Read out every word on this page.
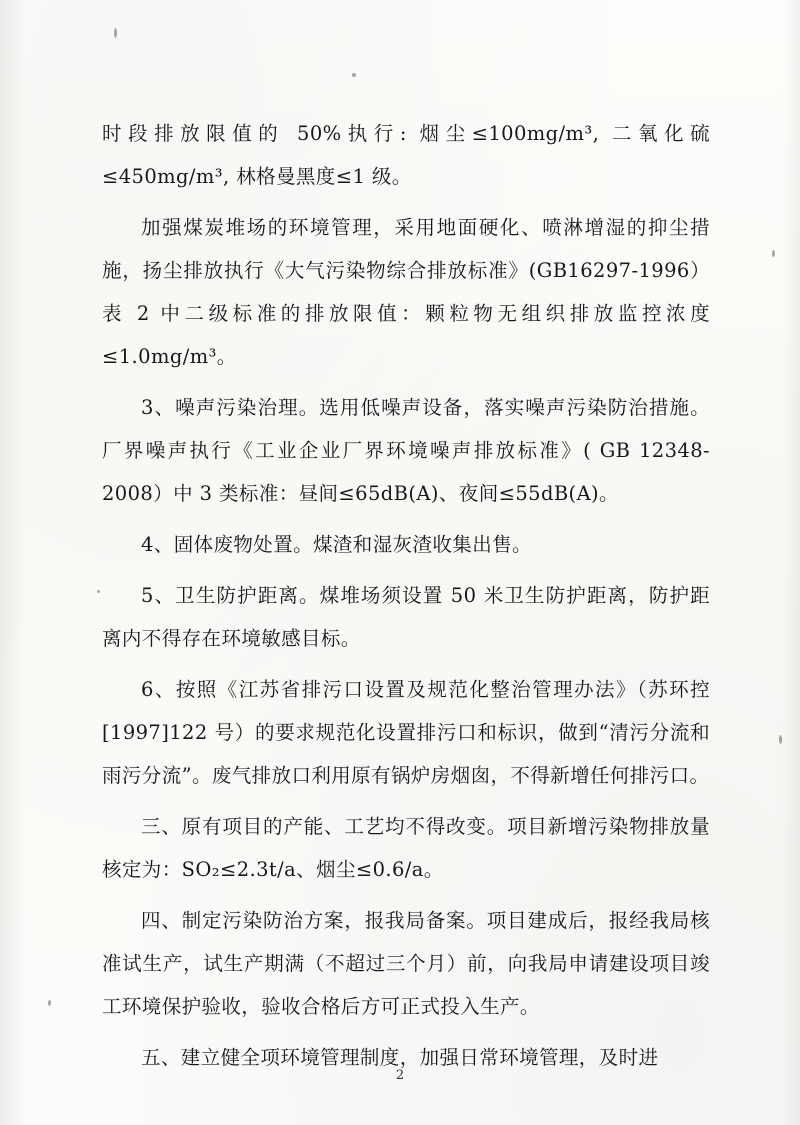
时段排放限值的 50%执行: 烟尘≤100mg/m³, 二氧化硫≤450mg/m³, 林格曼黑度≤1 级。

加强煤炭堆场的环境管理，采用地面硬化、喷淋增湿的抑尘措施，扬尘排放执行《大气污染物综合排放标准》(GB16297-1996）表 2 中二级标准的排放限值：颗粒物无组织排放监控浓度≤1.0mg/m³。

3、噪声污染治理。选用低噪声设备，落实噪声污染防治措施。厂界噪声执行《工业企业厂界环境噪声排放标准》( GB 12348-2008）中 3 类标准：昼间≤65dB(A)、夜间≤55dB(A)。

4、固体废物处置。煤渣和湿灰渣收集出售。

5、卫生防护距离。煤堆场须设置 50 米卫生防护距离，防护距离内不得存在环境敏感目标。

6、按照《江苏省排污口设置及规范化整治管理办法》（苏环控[1997]122 号）的要求规范化设置排污口和标识，做到“清污分流和雨污分流”。废气排放口利用原有锅炉房烟囱，不得新增任何排污口。

三、原有项目的产能、工艺均不得改变。项目新增污染物排放量核定为：SO₂≤2.3t/a、烟尘≤0.6/a。

四、制定污染防治方案，报我局备案。项目建成后，报经我局核准试生产，试生产期满（不超过三个月）前，向我局申请建设项目竣工环境保护验收，验收合格后方可正式投入生产。

五、建立健全项环境管理制度，加强日常环境管理，及时进

2
